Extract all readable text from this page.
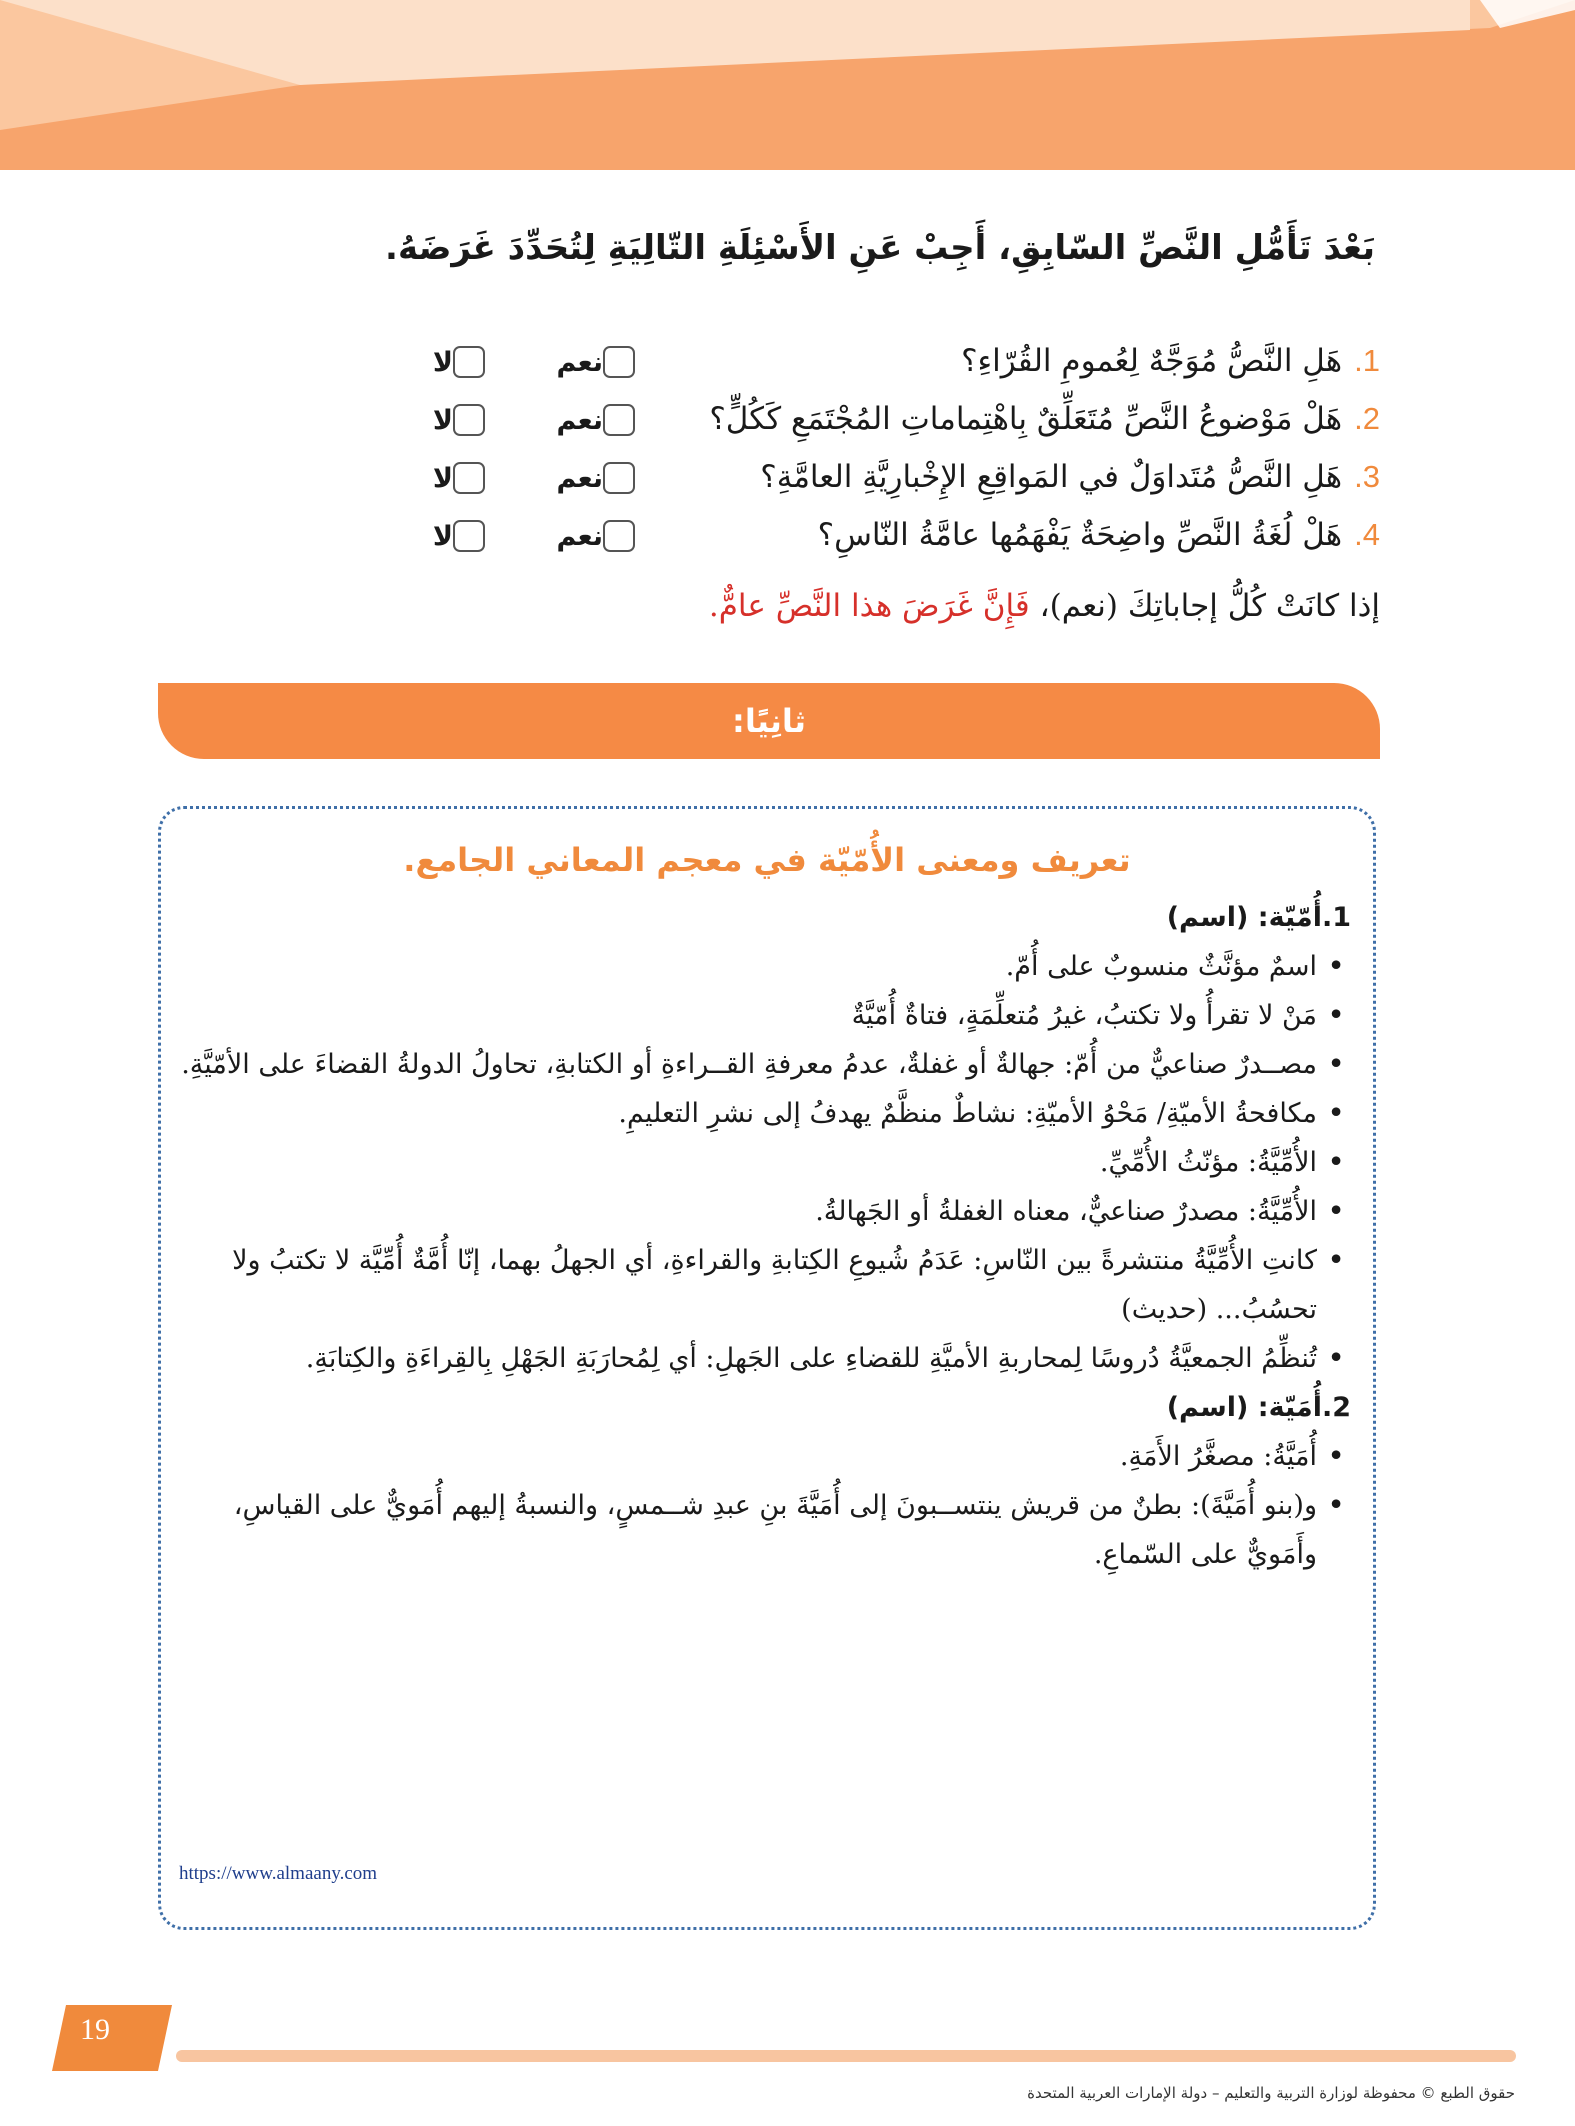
بَعْدَ تَأَمُّلِ النَّصِّ السّابِقِ، أَجِبْ عَنِ الأَسْئِلَةِ التّالِيَةِ لِتُحَدِّدَ غَرَضَهُ.
1.هَلِ النَّصُّ مُوَجَّهٌ لِعُمومِ القُرّاءِ؟
نعم
لا
2.هَلْ مَوْضوعُ النَّصِّ مُتَعَلِّقٌ بِاهْتِماماتِ المُجْتَمَعِ كَكُلٍّ؟
نعم
لا
3.هَلِ النَّصُّ مُتَداوَلٌ في المَواقِعِ الإِخْبارِيَّةِ العامَّةِ؟
نعم
لا
4.هَلْ لُغَةُ النَّصِّ واضِحَةٌ يَفْهَمُها عامَّةُ النّاسِ؟
نعم
لا
إذا كانَتْ كُلُّ إجاباتِكَ (نعم)، فَإِنَّ غَرَضَ هذا النَّصِّ عامٌّ.
ثانِيًا:
تعريف ومعنى الأُمّيّة في معجم المعاني الجامع.
1.أُمّيّة: (اسم)
• اسمٌ مؤنَّثٌ منسوبٌ على أُمّ.
• مَنْ لا تقرأُ ولا تكتبُ، غيرُ مُتعلِّمَةٍ، فتاةٌ أُمّيَّةٌ
• مصــدرٌ صناعيٌّ من أُمّ: جهالةٌ أو غفلةٌ، عدمُ معرفةِ القــراءةِ أو الكتابةِ، تحاولُ الدولةُ القضاءَ على الأمّيَّةِ.
• مكافحةُ الأميّةِ/ مَحْوُ الأميّةِ: نشاطٌ منظَّمٌ يهدفُ إلى نشرِ التعليمِ.
• الأُمِّيَّةُ: مؤنّثُ الأُمِّيِّ.
• الأُمِّيَّةُ: مصدرٌ صناعيٌّ، معناه الغفلةُ أو الجَهالةُ.
• كانتِ الأُمِّيَّةُ منتشرةً بين النّاسِ: عَدَمُ شُيوعِ الكِتابةِ والقراءةِ، أي الجهلُ بهما، إنّا أُمَّةٌ أُمِّيَّة لا تكتبُ ولا تحسُبُ... (حديث)
• تُنظِّمُ الجمعيَّةُ دُروسًا لِمحاربةِ الأميَّةِ للقضاءِ على الجَهلِ: أي لِمُحارَبَةِ الجَهْلِ بِالقِراءَةِ والكِتابَةِ.
2.أُمَيّة: (اسم)
• أُمَيَّةُ: مصغَّرُ الأَمَةِ.
• و(بنو أُمَيَّةَ): بطنٌ من قريش ينتســبونَ إلى أُمَيَّةَ بنِ عبدِ شــمسٍ، والنسبةُ إليهم أُمَويٌّ على القياسِ، وأَمَويٌّ على السّماعِ.
https://www.almaany.com
19
حقوق الطبع © محفوظة لوزارة التربية والتعليم – دولة الإمارات العربية المتحدة
